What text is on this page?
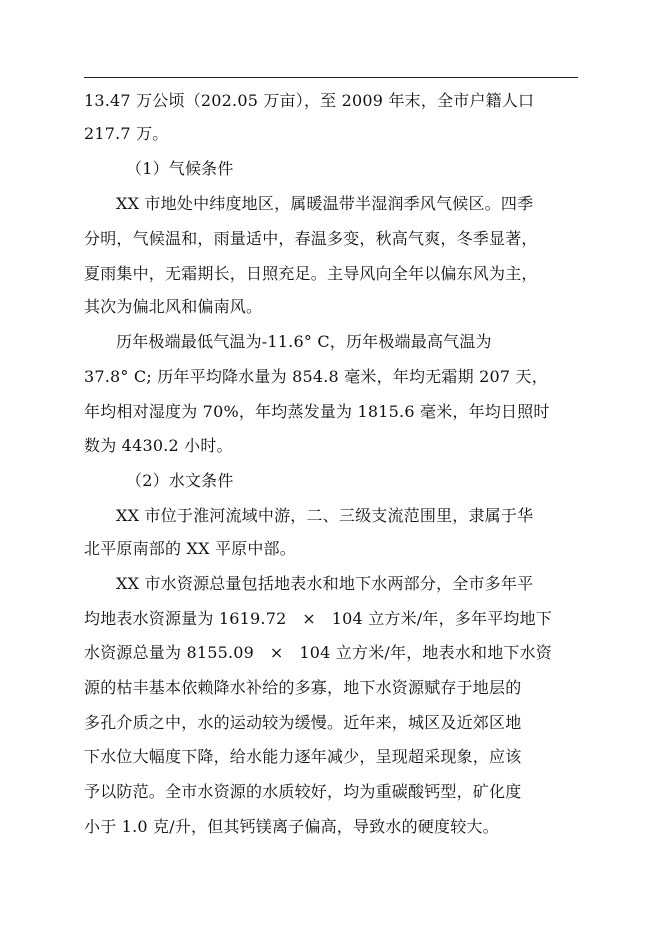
13.47 万公顷（202.05 万亩），至 2009 年末，全市户籍人口
217.7 万。
（1）气候条件
XX 市地处中纬度地区，属暖温带半湿润季风气候区。四季
分明，气候温和，雨量适中，春温多变，秋高气爽，冬季显著，
夏雨集中，无霜期长，日照充足。主导风向全年以偏东风为主，
其次为偏北风和偏南风。
历年极端最低气温为-11.6° C，历年极端最高气温为
37.8° C; 历年平均降水量为 854.8 毫米，年均无霜期 207 天，
年均相对湿度为 70%，年均蒸发量为 1815.6 毫米，年均日照时
数为 4430.2 小时。
（2）水文条件
XX 市位于淮河流域中游，二、三级支流范围里，隶属于华
北平原南部的 XX 平原中部。
XX 市水资源总量包括地表水和地下水两部分，全市多年平
均地表水资源量为 1619.72   ×   104 立方米/年，多年平均地下
水资源总量为 8155.09   ×   104 立方米/年，地表水和地下水资
源的枯丰基本依赖降水补给的多寡，地下水资源赋存于地层的
多孔介质之中，水的运动较为缓慢。近年来，城区及近郊区地
下水位大幅度下降，给水能力逐年减少，呈现超采现象，应该
予以防范。全市水资源的水质较好，均为重碳酸钙型，矿化度
小于 1.0 克/升，但其钙镁离子偏高，导致水的硬度较大。
